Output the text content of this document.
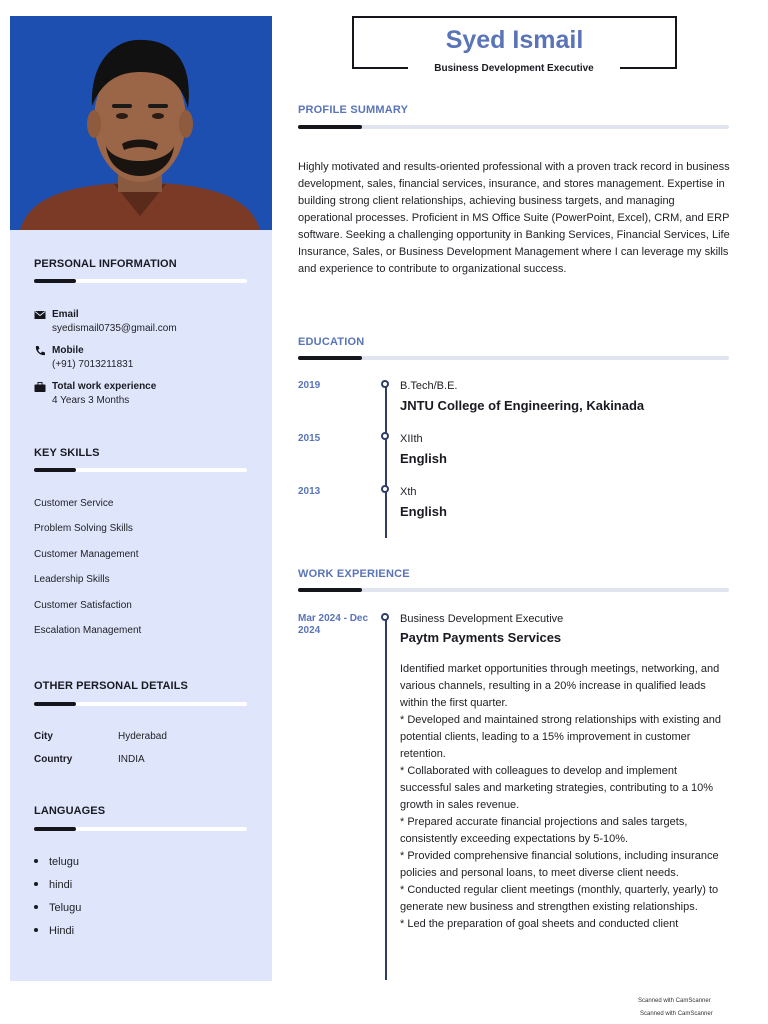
PERSONAL INFORMATION
Email
syedismail0735@gmail.com
Mobile
(+91) 7013211831
Total work experience
4 Years 3 Months
KEY SKILLS
Customer Service
Problem Solving Skills
Customer Management
Leadership Skills
Customer Satisfaction
Escalation Management
OTHER PERSONAL DETAILS
City	Hyderabad
Country	INDIA
LANGUAGES
telugu
hindi
Telugu
Hindi
Syed Ismail
Business Development Executive
PROFILE SUMMARY
Highly motivated and results-oriented professional with a proven track record in business development, sales, financial services, insurance, and stores management. Expertise in building strong client relationships, achieving business targets, and managing operational processes. Proficient in MS Office Suite (PowerPoint, Excel), CRM, and ERP software. Seeking a challenging opportunity in Banking Services, Financial Services, Life Insurance, Sales, or Business Development Management where I can leverage my skills and experience to contribute to organizational success.
EDUCATION
2019	B.Tech/B.E.
JNTU College of Engineering, Kakinada
2015	XIIth
English
2013	Xth
English
WORK EXPERIENCE
Mar 2024 - Dec 2024
Business Development Executive
Paytm Payments Services

Identified market opportunities through meetings, networking, and various channels, resulting in a 20% increase in qualified leads within the first quarter.

* Developed and maintained strong relationships with existing and potential clients, leading to a 15% improvement in customer retention.

* Collaborated with colleagues to develop and implement successful sales and marketing strategies, contributing to a 10% growth in sales revenue.

* Prepared accurate financial projections and sales targets, consistently exceeding expectations by 5-10%.

* Provided comprehensive financial solutions, including insurance policies and personal loans, to meet diverse client needs.

* Conducted regular client meetings (monthly, quarterly, yearly) to generate new business and strengthen existing relationships.

* Led the preparation of goal sheets and conducted client

Scanned with CamScanner
Scanned with CamScanner
